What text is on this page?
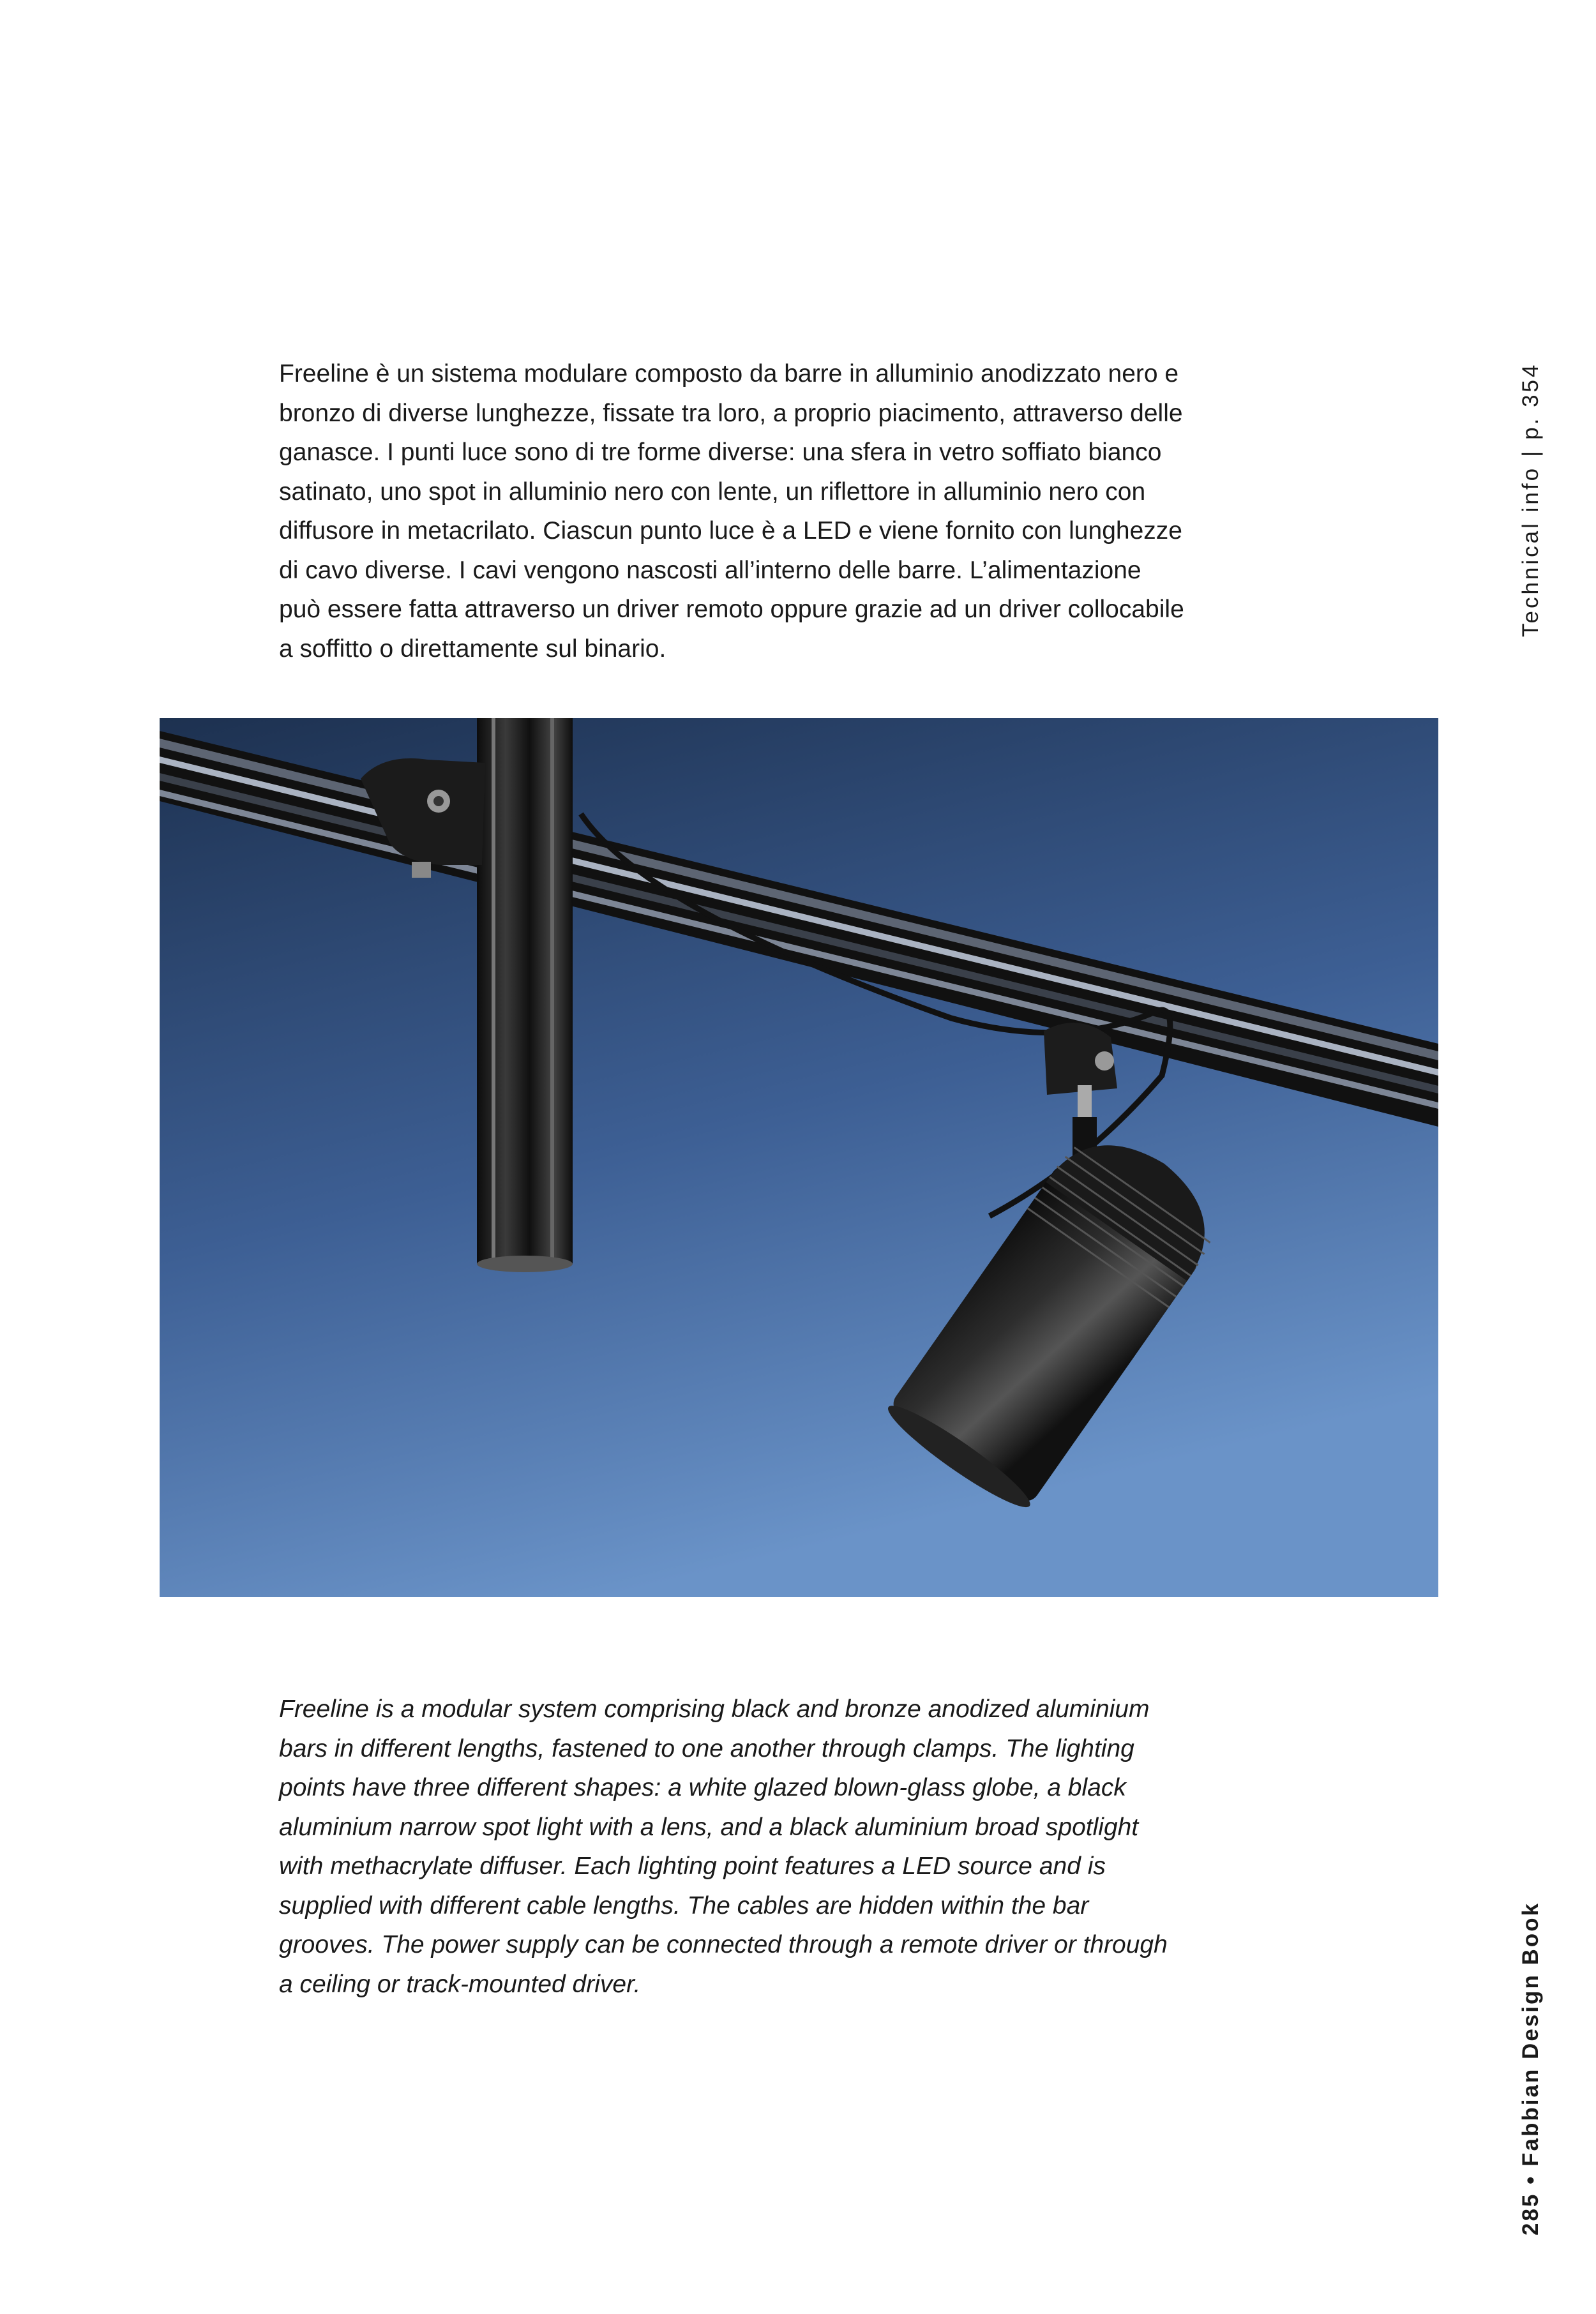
Freeline è un sistema modulare composto da barre in alluminio anodizzato nero e bronzo di diverse lunghezze, fissate tra loro, a proprio piacimento, attraverso delle ganasce. I punti luce sono di tre forme diverse: una sfera in vetro soffiato bianco satinato, uno spot in alluminio nero con lente, un riflettore in alluminio nero con diffusore in metacrilato. Ciascun punto luce è a LED e viene fornito con lunghezze di cavo diverse. I cavi vengono nascosti all’interno delle barre. L’alimentazione può essere fatta attraverso un driver remoto oppure grazie ad un driver collocabile a soffitto o direttamente sul binario.

Freeline is a modular system comprising black and bronze anodized aluminium bars in different lengths, fastened to one another through clamps. The lighting points have three different shapes: a white glazed blown-glass globe, a black aluminium narrow spot light with a lens, and a black aluminium broad spotlight with methacrylate diffuser. Each lighting point features a LED source and is supplied with different cable lengths. The cables are hidden within the bar grooves. The power supply can be connected through a remote driver or through a ceiling or track-mounted driver.

Technical info|p. 354
285 • Fabbian Design Book
